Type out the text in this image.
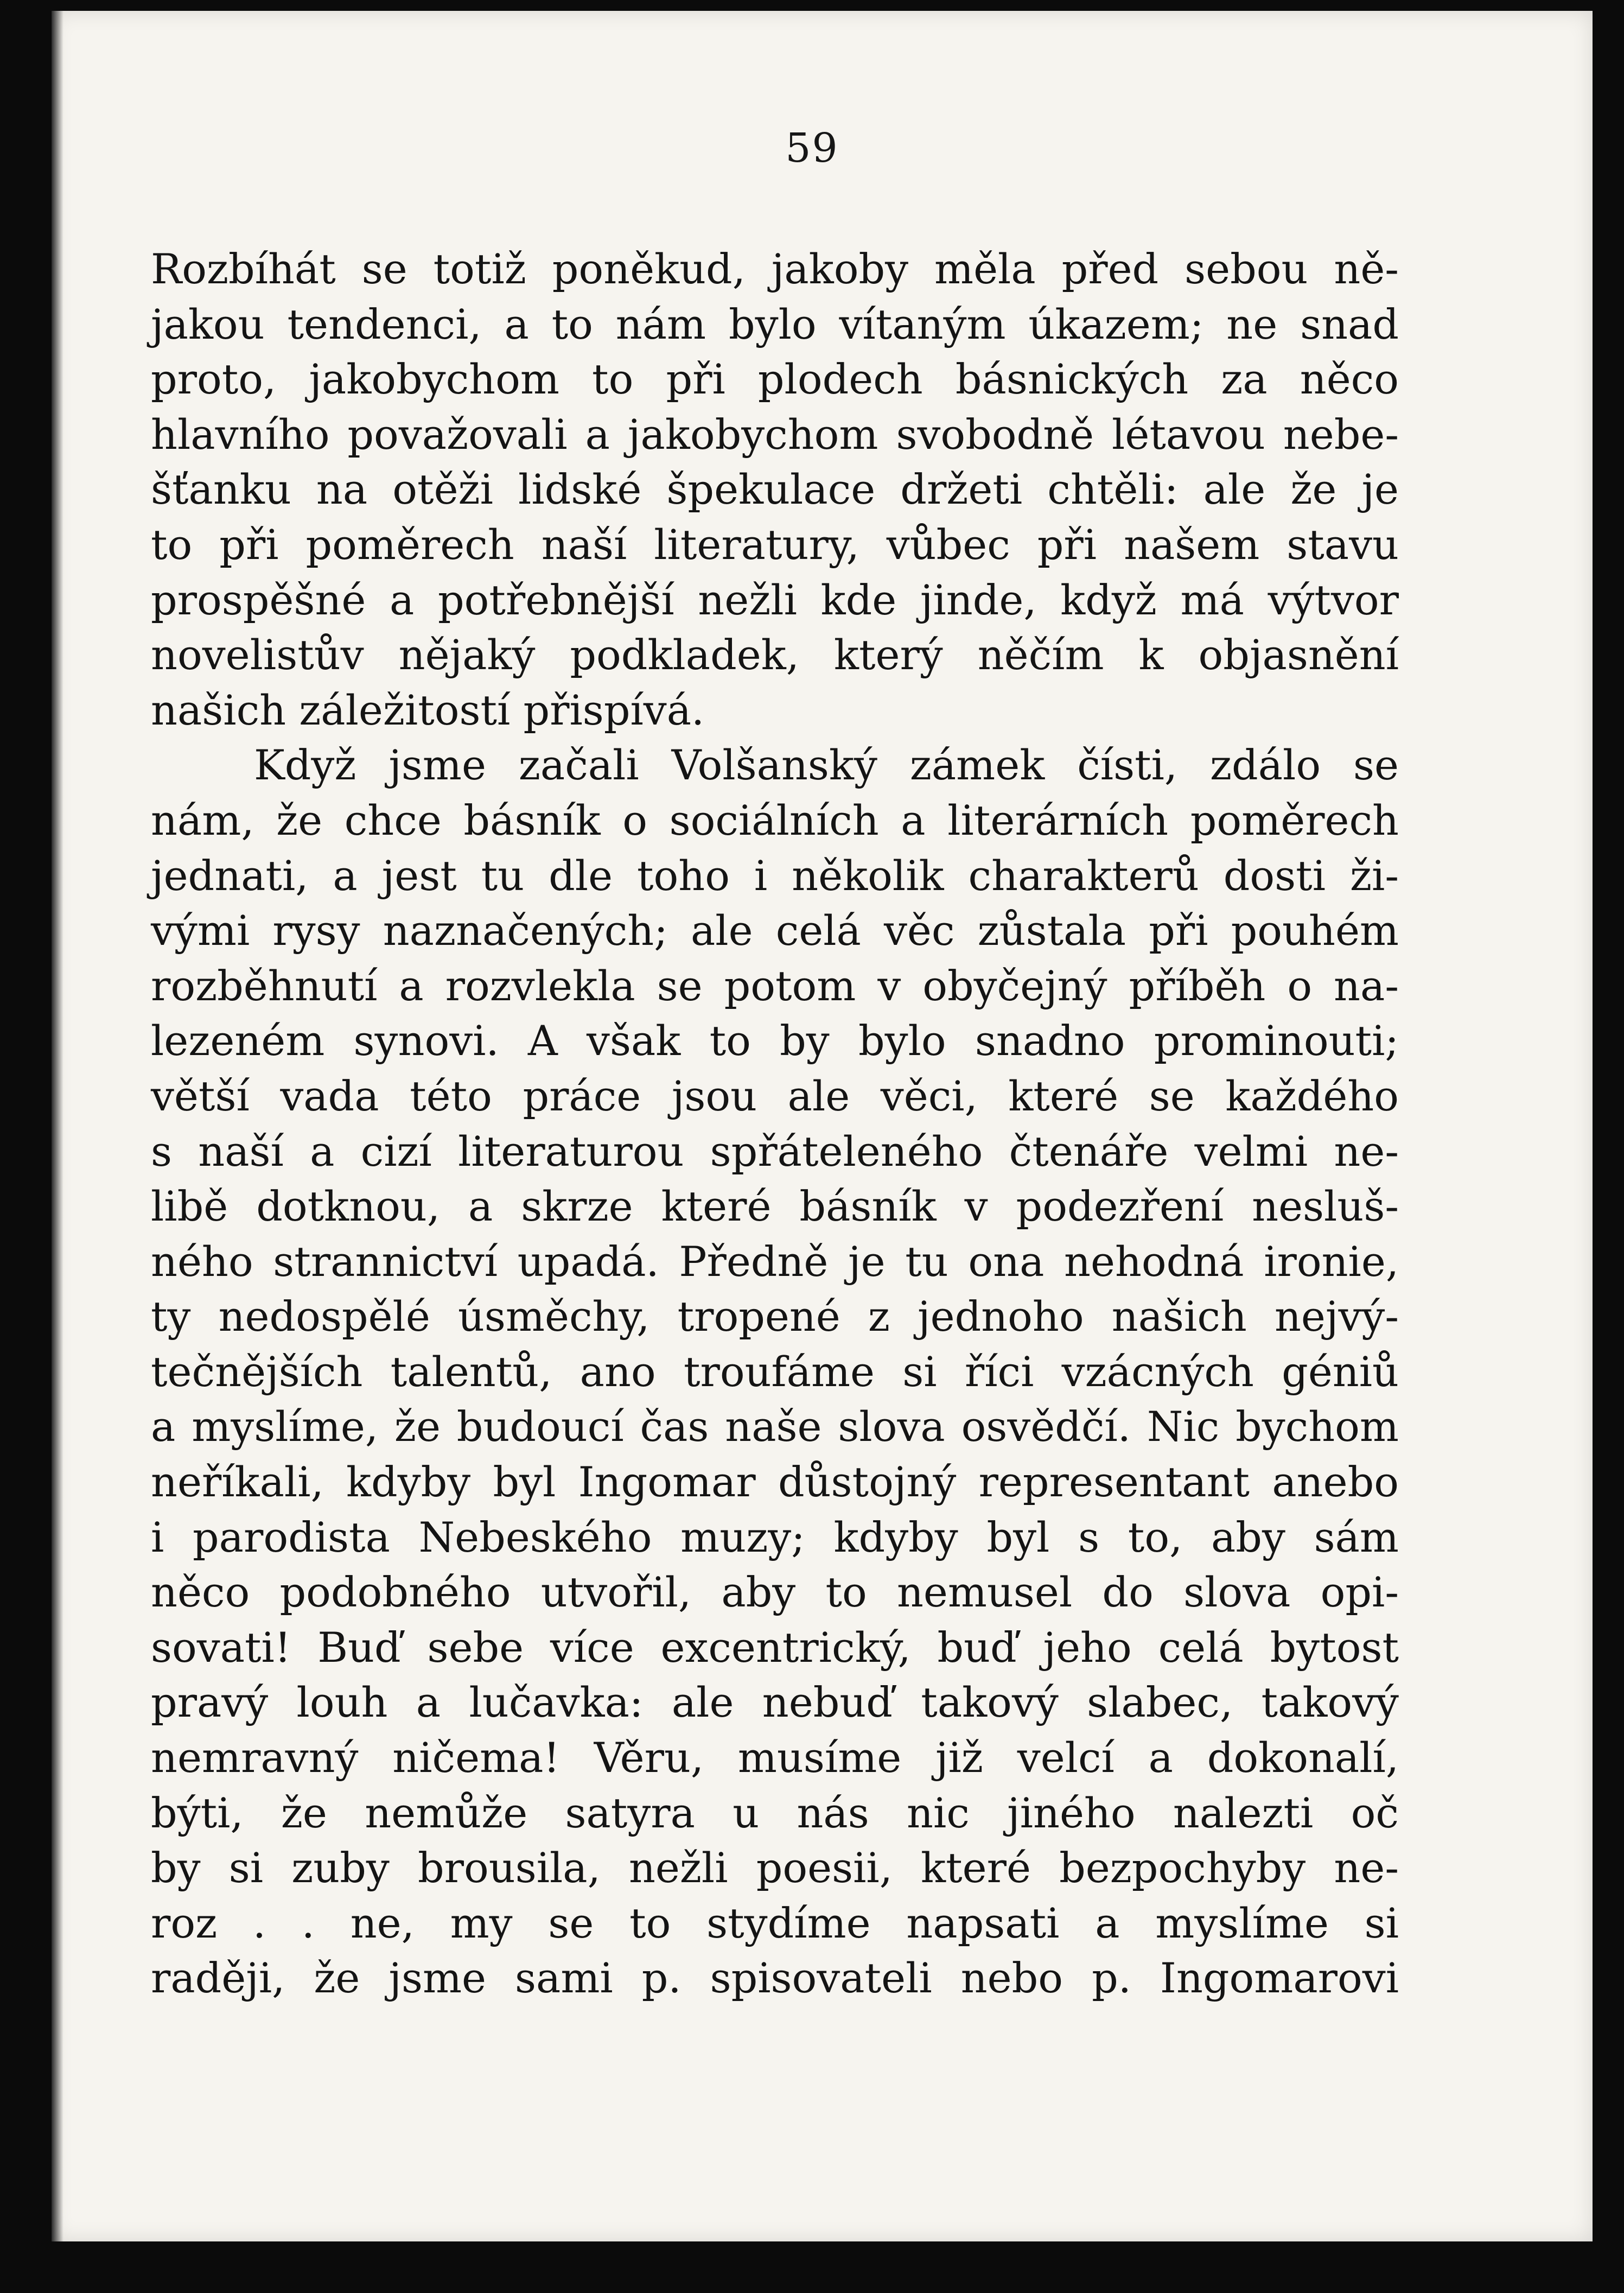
59
Rozbíhát se totiž poněkud, jakoby měla před sebou ně-
jakou tendenci, a to nám bylo vítaným úkazem; ne snad
proto, jakobychom to při plodech básnických za něco
hlavního považovali a jakobychom svobodně létavou nebe-
šťanku na otěži lidské špekulace držeti chtěli: ale že je
to při poměrech naší literatury, vůbec při našem stavu
prospěšné a potřebnější nežli kde jinde, když má výtvor
novelistův nějaký podkladek, který něčím k objasnění
našich záležitostí přispívá.
Když jsme začali Volšanský zámek čísti, zdálo se
nám, že chce básník o sociálních a literárních poměrech
jednati, a jest tu dle toho i několik charakterů dosti ži-
vými rysy naznačených; ale celá věc zůstala při pouhém
rozběhnutí a rozvlekla se potom v obyčejný příběh o na-
lezeném synovi. A však to by bylo snadno prominouti;
větší vada této práce jsou ale věci, které se každého
s naší a cizí literaturou spřáteleného čtenáře velmi ne-
libě dotknou, a skrze které básník v podezření nesluš-
ného strannictví upadá. Předně je tu ona nehodná ironie,
ty nedospělé úsměchy, tropené z jednoho našich nejvý-
tečnějších talentů, ano troufáme si říci vzácných géniů
a myslíme, že budoucí čas naše slova osvědčí. Nic bychom
neříkali, kdyby byl Ingomar důstojný representant anebo
i parodista Nebeského muzy; kdyby byl s to, aby sám
něco podobného utvořil, aby to nemusel do slova opi-
sovati! Buď sebe více excentrický, buď jeho celá bytost
pravý louh a lučavka: ale nebuď takový slabec, takový
nemravný ničema! Věru, musíme již velcí a dokonalí,
býti, že nemůže satyra u nás nic jiného nalezti oč
by si zuby brousila, nežli poesii, které bezpochyby ne-
roz . . ne, my se to stydíme napsati a myslíme si
raději, že jsme sami p. spisovateli nebo p. Ingomarovi
